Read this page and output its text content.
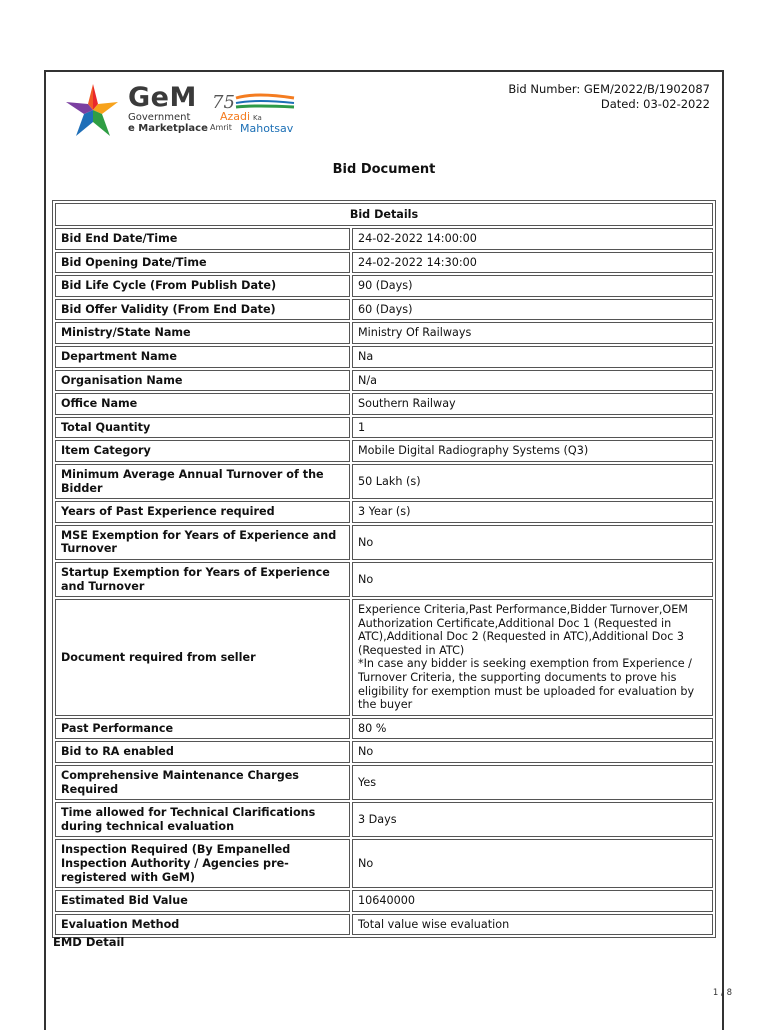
GeM
Government
e Marketplace
75
Azadi Ka
Amrit Mahotsav
Bid Number: GEM/2022/B/1902087
Dated: 03-02-2022
Bid Document
Bid Details	
Bid End Date/Time	24-02-2022 14:00:00
Bid Opening Date/Time	24-02-2022 14:30:00
Bid Life Cycle (From Publish Date)	90 (Days)
Bid Offer Validity (From End Date)	60 (Days)
Ministry/State Name	Ministry Of Railways
Department Name	Na
Organisation Name	N/a
Office Name	Southern Railway
Total Quantity	1
Item Category	Mobile Digital Radiography Systems (Q3)
Minimum Average Annual Turnover of the Bidder	50 Lakh (s)
Years of Past Experience required	3 Year (s)
MSE Exemption for Years of Experience and Turnover	No
Startup Exemption for Years of Experience and Turnover	No
Document required from seller	Experience Criteria,Past Performance,Bidder Turnover,OEM Authorization Certificate,Additional Doc 1 (Requested in ATC),Additional Doc 2 (Requested in ATC),Additional Doc 3 (Requested in ATC)
*In case any bidder is seeking exemption from Experience / Turnover Criteria, the supporting documents to prove his eligibility for exemption must be uploaded for evaluation by the buyer
Past Performance	80 %
Bid to RA enabled	No
Comprehensive Maintenance Charges Required	Yes
Time allowed for Technical Clarifications during technical evaluation	3 Days
Inspection Required (By Empanelled Inspection Authority / Agencies pre-registered with GeM)	No
Estimated Bid Value	10640000
Evaluation Method	Total value wise evaluation
EMD Detail
1 / 8
